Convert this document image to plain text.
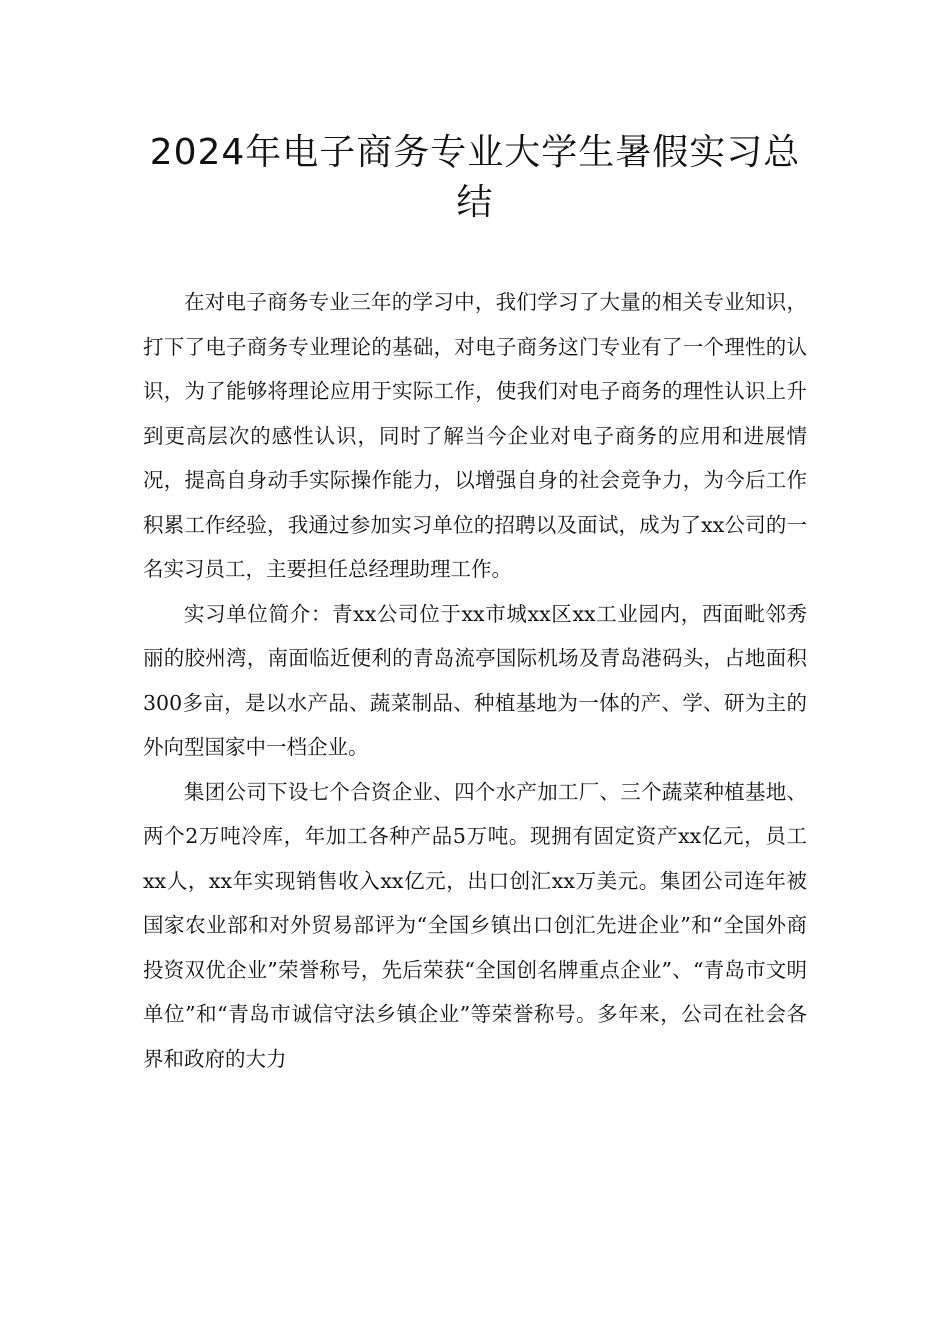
2024年电子商务专业大学生暑假实习总结

在对电子商务专业三年的学习中，我们学习了大量的相关专业知识，打下了电子商务专业理论的基础，对电子商务这门专业有了一个理性的认识，为了能够将理论应用于实际工作，使我们对电子商务的理性认识上升到更高层次的感性认识，同时了解当今企业对电子商务的应用和进展情况，提高自身动手实际操作能力，以增强自身的社会竞争力，为今后工作积累工作经验，我通过参加实习单位的招聘以及面试，成为了xx公司的一名实习员工，主要担任总经理助理工作。

实习单位简介：青xx公司位于xx市城xx区xx工业园内，西面毗邻秀丽的胶州湾，南面临近便利的青岛流亭国际机场及青岛港码头，占地面积300多亩，是以水产品、蔬菜制品、种植基地为一体的产、学、研为主的外向型国家中一档企业。

集团公司下设七个合资企业、四个水产加工厂、三个蔬菜种植基地、两个2万吨冷库，年加工各种产品5万吨。现拥有固定资产xx亿元，员工xx人，xx年实现销售收入xx亿元，出口创汇xx万美元。集团公司连年被国家农业部和对外贸易部评为“全国乡镇出口创汇先进企业”和“全国外商投资双优企业”荣誉称号，先后荣获“全国创名牌重点企业”、“青岛市文明单位”和“青岛市诚信守法乡镇企业”等荣誉称号。多年来，公司在社会各界和政府的大力
